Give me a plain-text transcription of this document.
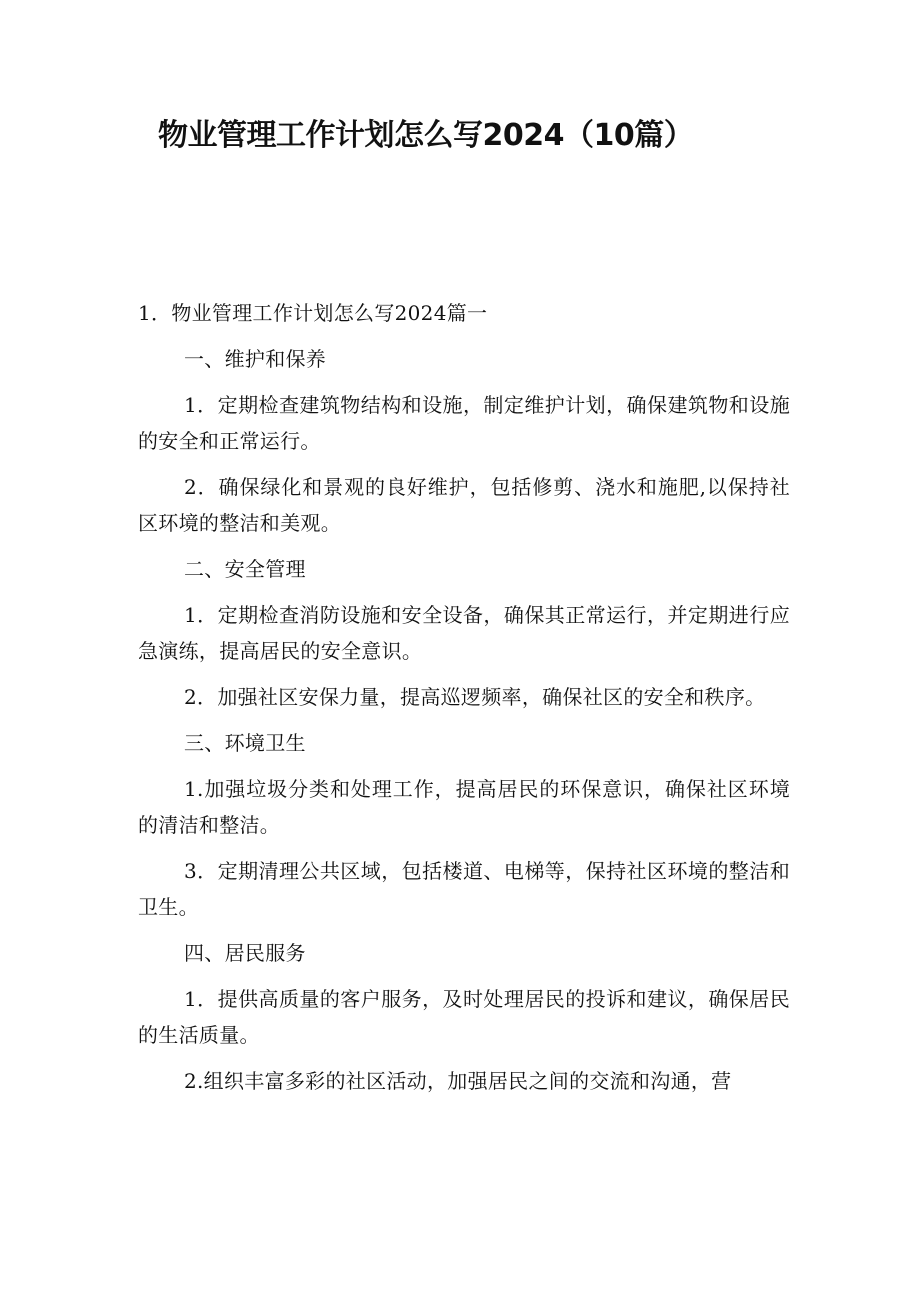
物业管理工作计划怎么写2024（10篇）

1．物业管理工作计划怎么写2024篇一

一、维护和保养

1．定期检查建筑物结构和设施，制定维护计划，确保建筑物和设施的安全和正常运行。

2．确保绿化和景观的良好维护，包括修剪、浇水和施肥,以保持社区环境的整洁和美观。

二、安全管理

1．定期检查消防设施和安全设备，确保其正常运行，并定期进行应急演练，提高居民的安全意识。

2．加强社区安保力量，提高巡逻频率，确保社区的安全和秩序。

三、环境卫生

1.加强垃圾分类和处理工作，提高居民的环保意识，确保社区环境的清洁和整洁。

3．定期清理公共区域，包括楼道、电梯等，保持社区环境的整洁和卫生。

四、居民服务

1．提供高质量的客户服务，及时处理居民的投诉和建议，确保居民的生活质量。

2.组织丰富多彩的社区活动，加强居民之间的交流和沟通，营
